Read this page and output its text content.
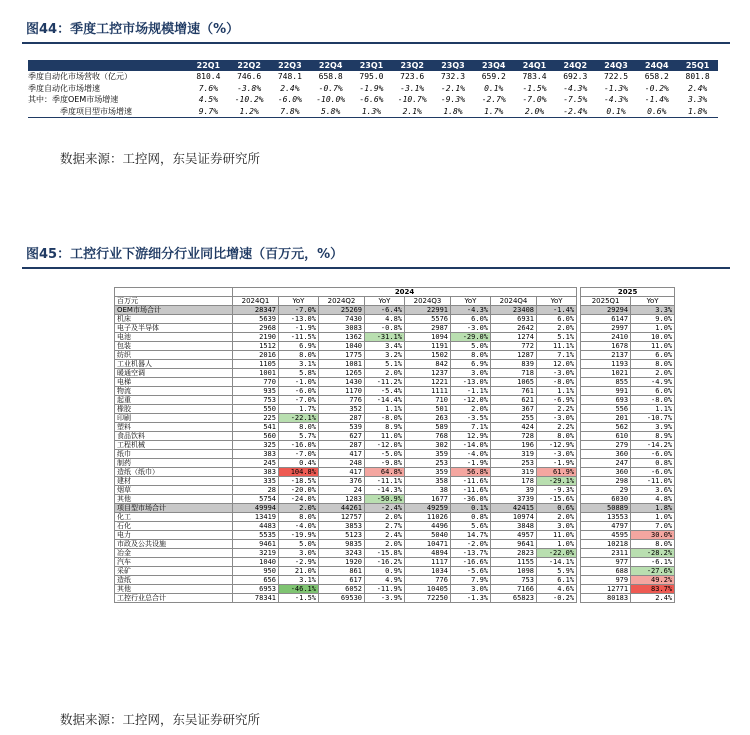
图44：季度工控市场规模增速（%）
	22Q1	22Q2	22Q3	22Q4	23Q1	23Q2	23Q3	23Q4	24Q1	24Q2	24Q3	24Q4	25Q1
季度自动化市场营收（亿元）	810.4	746.6	748.1	658.8	795.0	723.6	732.3	659.2	783.4	692.3	722.5	658.2	801.8
季度自动化市场增速	7.6%	-3.8%	2.4%	-0.7%	-1.9%	-3.1%	-2.1%	0.1%	-1.5%	-4.3%	-1.3%	-0.2%	2.4%
其中：季度OEM市场增速	4.5%	-10.2%	-6.0%	-10.0%	-6.6%	-10.7%	-9.3%	-2.7%	-7.0%	-7.5%	-4.3%	-1.4%	3.3%
季度项目型市场增速	9.7%	1.2%	7.8%	5.8%	1.3%	2.1%	1.8%	1.7%	2.0%	-2.4%	0.1%	0.6%	1.8%
数据来源：工控网，东吴证券研究所
图45：工控行业下游细分行业同比增速（百万元，%）
	2024									2025	
百万元	2024Q1	YoY	2024Q2	YoY	2024Q3	YoY	2024Q4	YoY		2025Q1	YoY
OEM市场合计	28347	-7.0%	25269	-6.4%	22991	-4.3%	23408	-1.4%		29294	3.3%
机床	5639	-13.0%	7430	4.8%	5576	6.0%	6931	6.0%		6147	9.0%
电子及半导体	2968	-1.9%	3083	-0.8%	2987	-3.0%	2642	2.0%		2997	1.0%
电池	2190	-11.5%	1362	-31.1%	1094	-29.0%	1274	5.1%		2410	10.0%
包装	1512	6.9%	1040	3.4%	1191	5.0%	772	11.1%		1678	11.0%
纺织	2016	8.0%	1775	3.2%	1502	8.0%	1287	7.1%		2137	6.0%
工业机器人	1105	3.1%	1081	5.1%	842	6.9%	839	12.0%		1193	8.0%
暖通空调	1001	5.8%	1265	2.0%	1237	3.0%	718	-3.0%		1021	2.0%
电梯	770	-1.0%	1430	-11.2%	1221	-13.0%	1065	-8.0%		855	-4.9%
物流	935	-6.0%	1170	-5.4%	1111	-1.1%	761	1.1%		991	6.0%
起重	753	-7.0%	776	-14.4%	710	-12.0%	621	-6.9%		693	-8.0%
橡胶	550	1.7%	352	1.1%	501	2.0%	367	2.2%		556	1.1%
印刷	225	-22.1%	287	-8.0%	263	-3.5%	255	-3.0%		201	-10.7%
塑料	541	8.0%	539	8.9%	589	7.1%	424	2.2%		562	3.9%
食品饮料	560	5.7%	627	11.0%	768	12.9%	728	8.0%		610	8.9%
工程机械	325	-16.0%	287	-12.0%	302	-14.0%	196	-12.9%		279	-14.2%
纸巾	383	-7.0%	417	-5.0%	359	-4.0%	319	-3.0%		360	-6.0%
制药	245	0.4%	248	-9.8%	253	-1.9%	253	-1.9%		247	0.8%
造纸（纸巾）	383	104.8%	417	64.8%	359	56.8%	319	61.9%		360	-6.0%
建材	335	-18.5%	376	-11.1%	358	-11.6%	178	-29.1%		298	-11.0%
烟草	28	-20.0%	24	-14.3%	38	-11.6%	39	-9.3%		29	3.6%
其他	5754	-24.0%	1283	-50.9%	1677	-36.0%	3739	-15.6%		6030	4.8%
项目型市场合计	49994	2.0%	44261	-2.4%	49259	0.1%	42415	0.6%		50889	1.8%
化工	13419	8.0%	12757	2.0%	11026	0.8%	10974	2.0%		13553	1.0%
石化	4483	-4.0%	3853	2.7%	4496	5.6%	3848	3.0%		4797	7.0%
电力	5535	-19.9%	5123	2.4%	5040	14.7%	4957	11.0%		4595	30.0%
市政及公共设施	9461	5.0%	9835	2.0%	10471	-2.0%	9641	1.0%		10218	8.0%
冶金	3219	3.0%	3243	-15.8%	4894	-13.7%	2823	-22.0%		2311	-28.2%
汽车	1040	-2.9%	1920	-16.2%	1117	-16.6%	1155	-14.1%		977	-6.1%
采矿	950	21.0%	861	0.9%	1034	-5.6%	1098	5.9%		688	-27.6%
造纸	656	3.1%	617	4.9%	776	7.9%	753	6.1%		979	49.2%
其他	6953	-46.1%	6052	-11.9%	10405	3.0%	7166	4.6%		12771	83.7%
工控行业总合计	78341	-1.5%	69530	-3.9%	72250	-1.3%	65823	-0.2%		80183	2.4%
数据来源：工控网，东吴证券研究所
